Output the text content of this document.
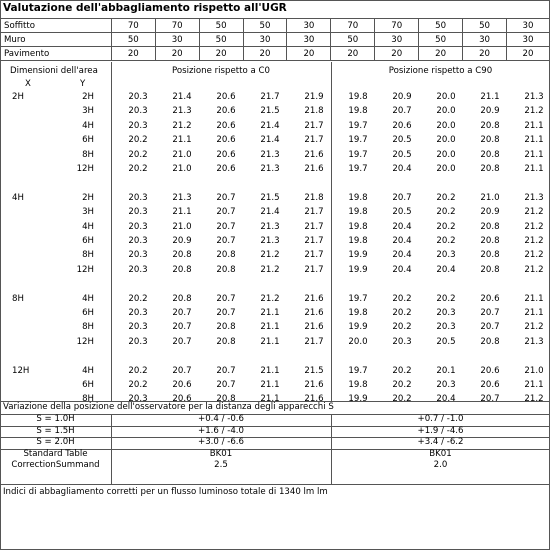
Valutazione dell'abbagliamento rispetto all'UGR
Soffitto	70	70	50	50	30	70	70	50	50	30
Muro	50	30	50	30	30	50	30	50	30	30
Pavimento	20	20	20	20	20	20	20	20	20	20
Dimensioni dell'area
X	Y
Posizione rispetto a C0	Posizione rispetto a C90
2H	2H	20.3	21.4	20.6	21.7	21.9	19.8	20.9	20.0	21.1	21.3
3H	20.3	21.3	20.6	21.5	21.8	19.8	20.7	20.0	20.9	21.2
4H	20.3	21.2	20.6	21.4	21.7	19.7	20.6	20.0	20.8	21.1
6H	20.2	21.1	20.6	21.4	21.7	19.7	20.5	20.0	20.8	21.1
8H	20.2	21.0	20.6	21.3	21.6	19.7	20.5	20.0	20.8	21.1
12H	20.2	21.0	20.6	21.3	21.6	19.7	20.4	20.0	20.8	21.1
4H	2H	20.3	21.3	20.7	21.5	21.8	19.8	20.7	20.2	21.0	21.3
3H	20.3	21.1	20.7	21.4	21.7	19.8	20.5	20.2	20.9	21.2
4H	20.3	21.0	20.7	21.3	21.7	19.8	20.4	20.2	20.8	21.2
6H	20.3	20.9	20.7	21.3	21.7	19.8	20.4	20.2	20.8	21.2
8H	20.3	20.8	20.8	21.2	21.7	19.9	20.4	20.3	20.8	21.2
12H	20.3	20.8	20.8	21.2	21.7	19.9	20.4	20.4	20.8	21.2
8H	4H	20.2	20.8	20.7	21.2	21.6	19.7	20.2	20.2	20.6	21.1
6H	20.3	20.7	20.7	21.1	21.6	19.8	20.2	20.3	20.7	21.1
8H	20.3	20.7	20.8	21.1	21.6	19.9	20.2	20.3	20.7	21.2
12H	20.3	20.7	20.8	21.1	21.7	20.0	20.3	20.5	20.8	21.3
12H	4H	20.2	20.7	20.7	21.1	21.5	19.7	20.2	20.1	20.6	21.0
6H	20.2	20.6	20.7	21.1	21.6	19.8	20.2	20.3	20.6	21.1
8H	20.3	20.6	20.8	21.1	21.6	19.9	20.2	20.4	20.7	21.2
Variazione della posizione dell'osservatore per la distanza degli apparecchi S
S = 1.0H	+0.4 / -0.6	+0.7 / -1.0
S = 1.5H	+1.6 / -4.0	+1.9 / -4.6
S = 2.0H	+3.0 / -6.6	+3.4 / -6.2
Standard Table	BK01	BK01
CorrectionSummand	2.5	2.0
Indici di abbagliamento corretti per un flusso luminoso totale di 1340 lm lm
